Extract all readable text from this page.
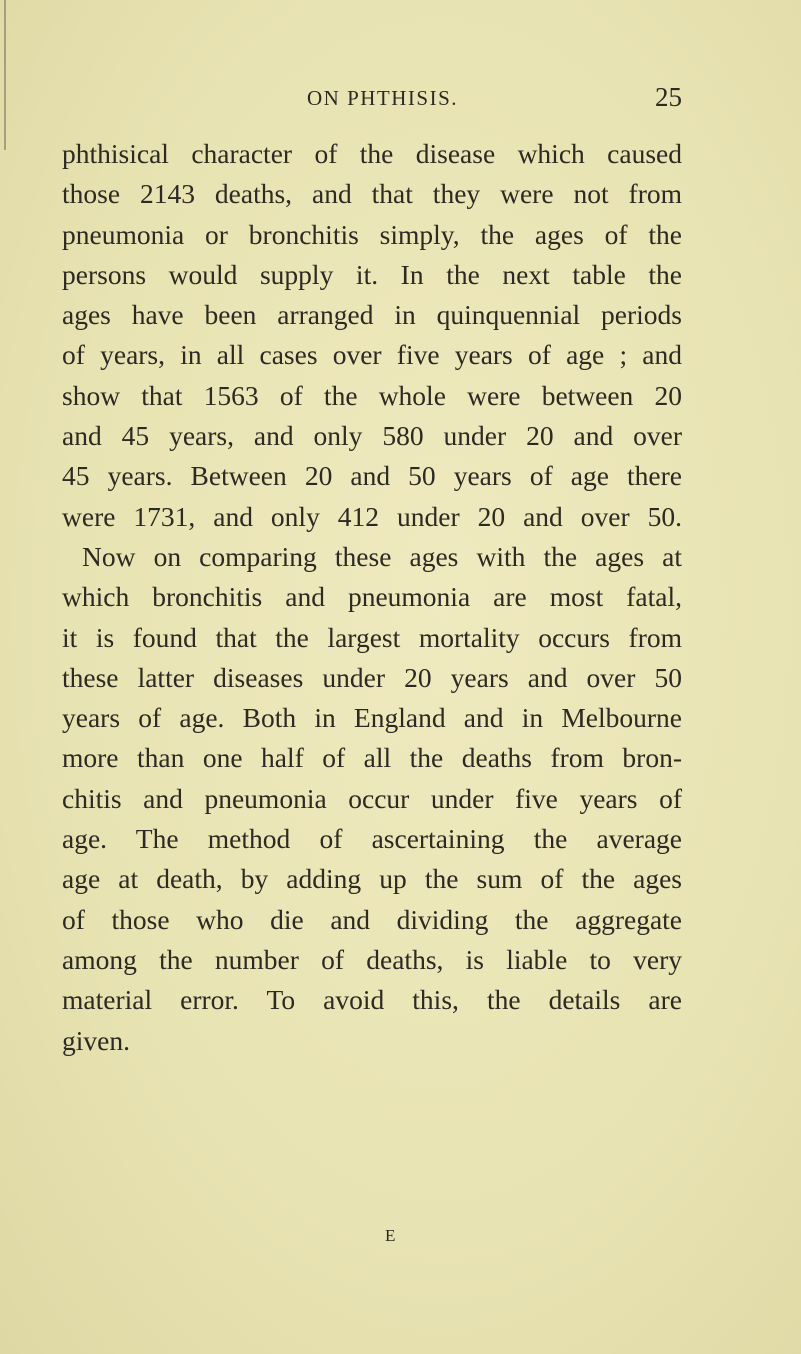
ON PHTHISIS.	25
phthisical character of the disease which caused
those 2143 deaths, and that they were not from
pneumonia or bronchitis simply, the ages of the
persons would supply it. In the next table the
ages have been arranged in quinquennial periods
of years, in all cases over five years of age ; and
show that 1563 of the whole were between 20
and 45 years, and only 580 under 20 and over
45 years. Between 20 and 50 years of age there
were 1731, and only 412 under 20 and over 50.
Now on comparing these ages with the ages at
which bronchitis and pneumonia are most fatal,
it is found that the largest mortality occurs from
these latter diseases under 20 years and over 50
years of age. Both in England and in Melbourne
more than one half of all the deaths from bron-
chitis and pneumonia occur under five years of
age. The method of ascertaining the average
age at death, by adding up the sum of the ages
of those who die and dividing the aggregate
among the number of deaths, is liable to very
material error. To avoid this, the details are
given.
E
